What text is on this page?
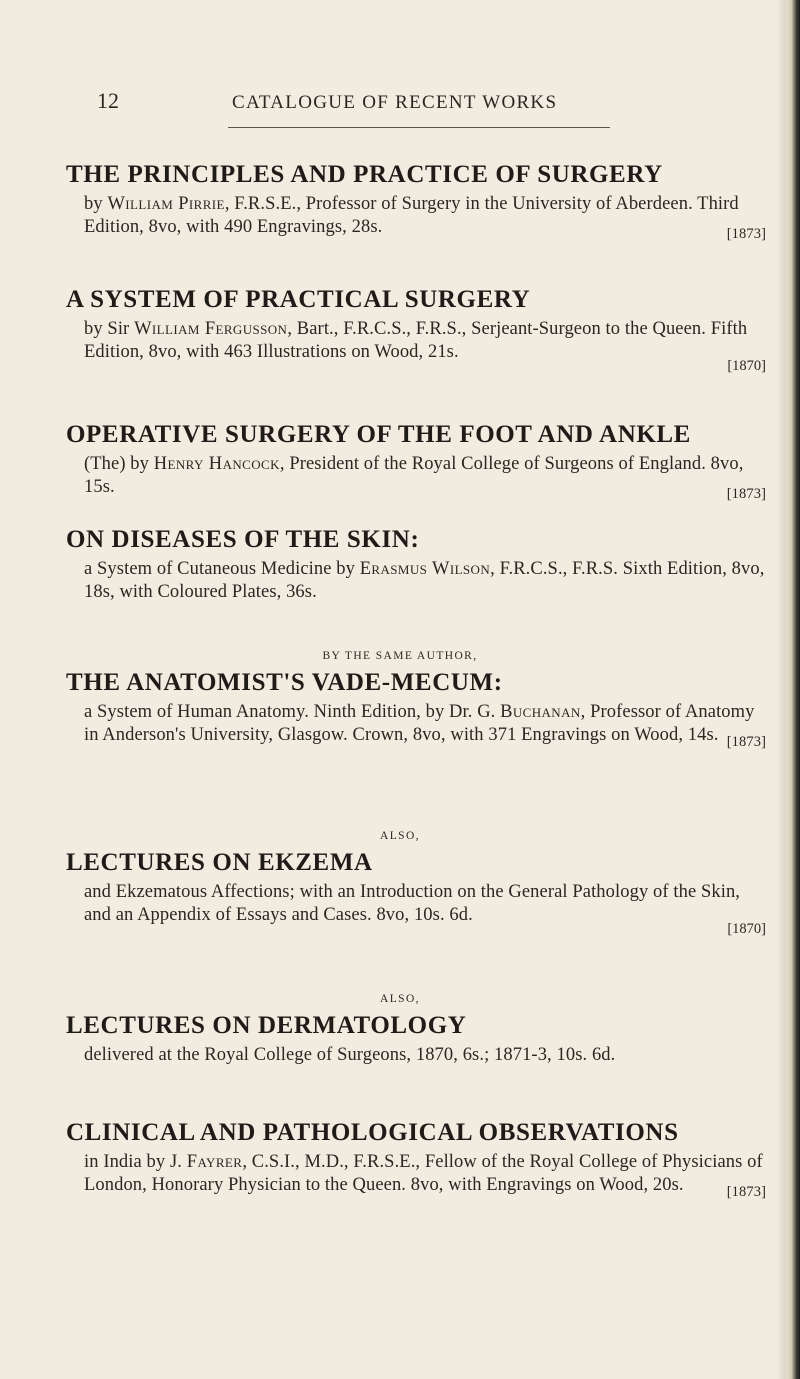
12	CATALOGUE OF RECENT WORKS
THE PRINCIPLES AND PRACTICE OF SURGERY
by William Pirrie, F.R.S.E., Professor of Surgery in the University of Aberdeen. Third Edition, 8vo, with 490 Engravings, 28s.	[1873]
A SYSTEM OF PRACTICAL SURGERY
by Sir William Fergusson, Bart., F.R.C.S., F.R.S., Serjeant-Surgeon to the Queen. Fifth Edition, 8vo, with 463 Illustrations on Wood, 21s.
[1870]
OPERATIVE SURGERY OF THE FOOT AND ANKLE
(The) by Henry Hancock, President of the Royal College of Surgeons of England. 8vo, 15s.	[1873]
ON DISEASES OF THE SKIN:
a System of Cutaneous Medicine by Erasmus Wilson, F.R.C.S., F.R.S. Sixth Edition, 8vo, 18s, with Coloured Plates, 36s.
BY THE SAME AUTHOR,
THE ANATOMIST'S VADE-MECUM:
a System of Human Anatomy. Ninth Edition, by Dr. G. Buchanan, Professor of Anatomy in Anderson's University, Glasgow. Crown, 8vo, with 371 Engravings on Wood, 14s. [1873]
ALSO,
LECTURES ON EKZEMA
and Ekzematous Affections; with an Introduction on the General Pathology of the Skin, and an Appendix of Essays and Cases. 8vo, 10s. 6d.
[1870]
ALSO,
LECTURES ON DERMATOLOGY
delivered at the Royal College of Surgeons, 1870, 6s.; 1871-3, 10s. 6d.
CLINICAL AND PATHOLOGICAL OBSERVATIONS
in India by J. Fayrer, C.S.I., M.D., F.R.S.E., Fellow of the Royal College of Physicians of London, Honorary Physician to the Queen. 8vo, with Engravings on Wood, 20s.	[1873]
